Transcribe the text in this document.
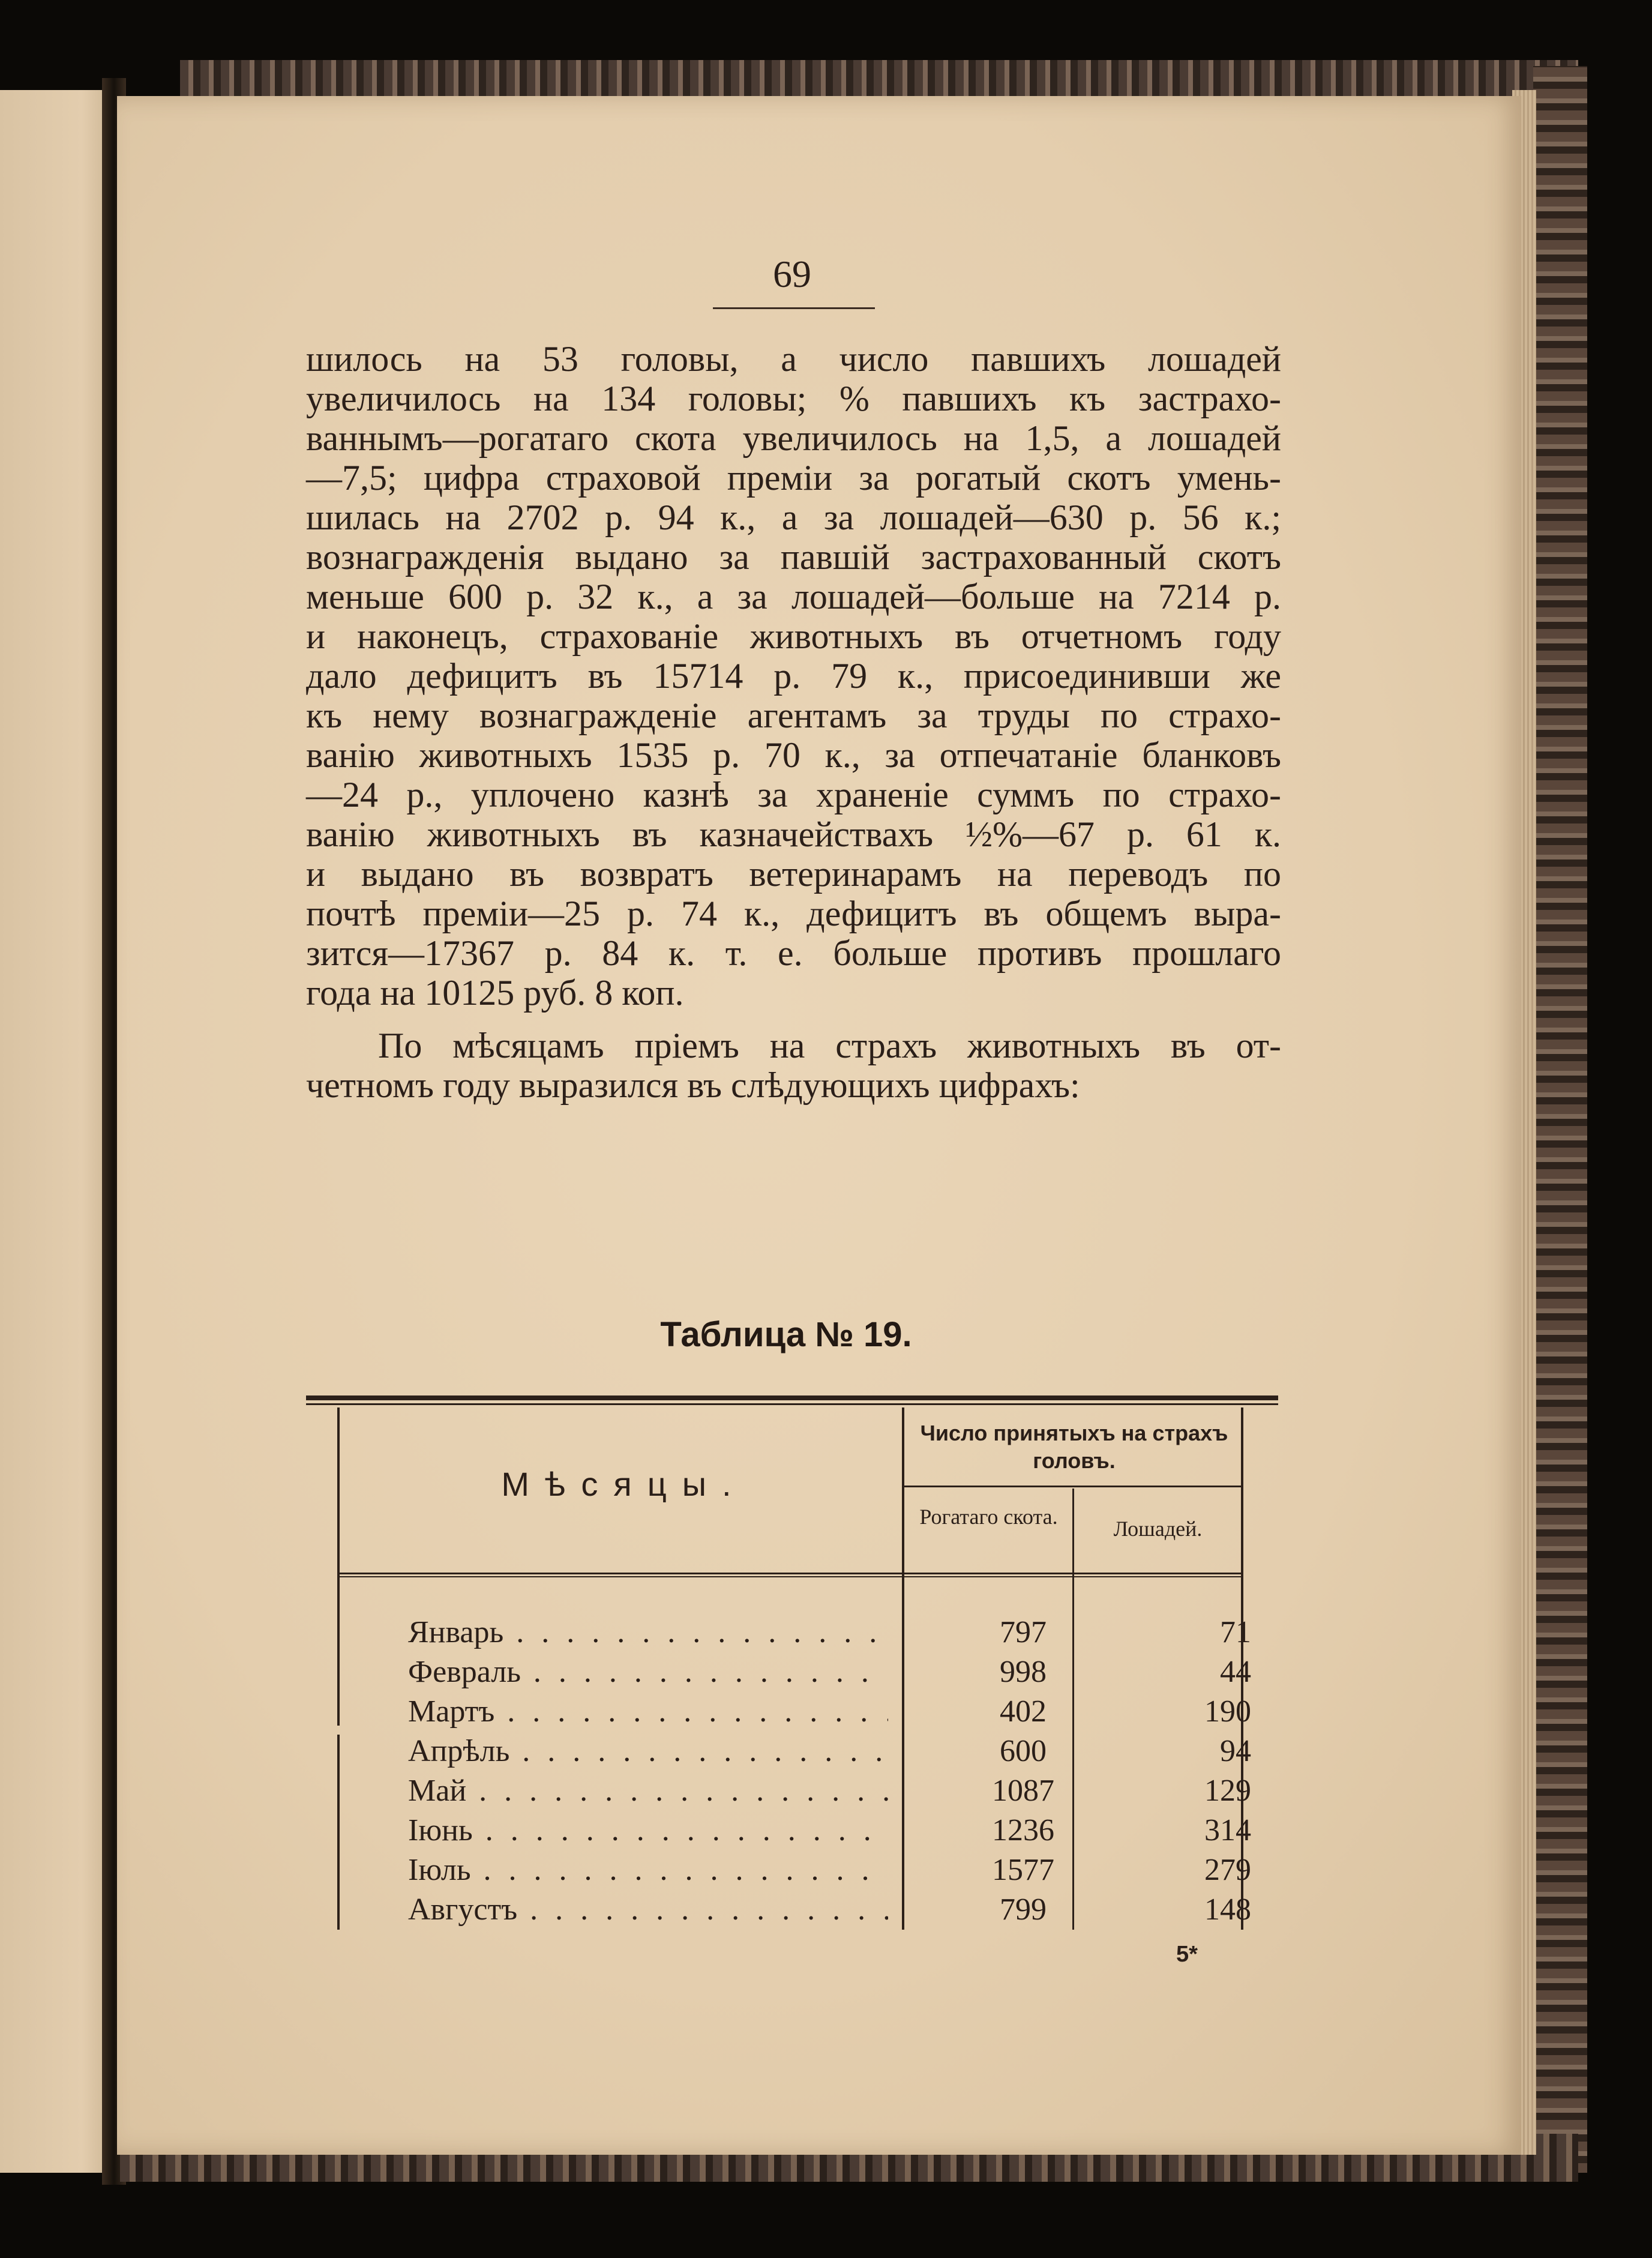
69
шилось на 53 головы, а число павшихъ лошадей
увеличилось на 134 головы; % павшихъ къ застрахо-
ваннымъ—рогатаго скота увеличилось на 1,5, а лошадей
—7,5; цифра страховой премiи за рогатый скотъ умень-
шилась на 2702 р. 94 к., а за лошадей—630 р. 56 к.;
вознагражденiя выдано за павшiй застрахованный скотъ
меньше 600 р. 32 к., а за лошадей—больше на 7214 р.
и наконецъ, страхованiе животныхъ въ отчетномъ году
дало дефицитъ въ 15714 р. 79 к., присоединивши же
къ нему вознагражденiе агентамъ за труды по страхо-
ванiю животныхъ 1535 р. 70 к., за отпечатанiе бланковъ
—24 р., уплочено казнѣ за храненiе суммъ по страхо-
ванiю животныхъ въ казначействахъ ½%—67 р. 61 к.
и выдано въ возвратъ ветеринарамъ на переводъ по
почтѣ премiи—25 р. 74 к., дефицитъ въ общемъ выра-
зится—17367 р. 84 к. т. е. больше противъ прошлаго
года на 10125 руб. 8 коп.
По мѣсяцамъ прiемъ на страхъ животныхъ въ от-
четномъ году выразился въ слѣдующихъ цифрахъ:
Таблица № 19.
Мѣсяцы.
Число принятыхъ на страхъ головъ.
Рогатаго скота.	Лошадей.
Январь . . .	797	71
Февраль . . .	998	44
Мартъ . . .	402	190
Апрѣль . . .	600	94
Май . . .	1087	129
Iюнь . . .	1236	314
Iюль . . .	1577	279
Августъ . . .	799	148
5*
